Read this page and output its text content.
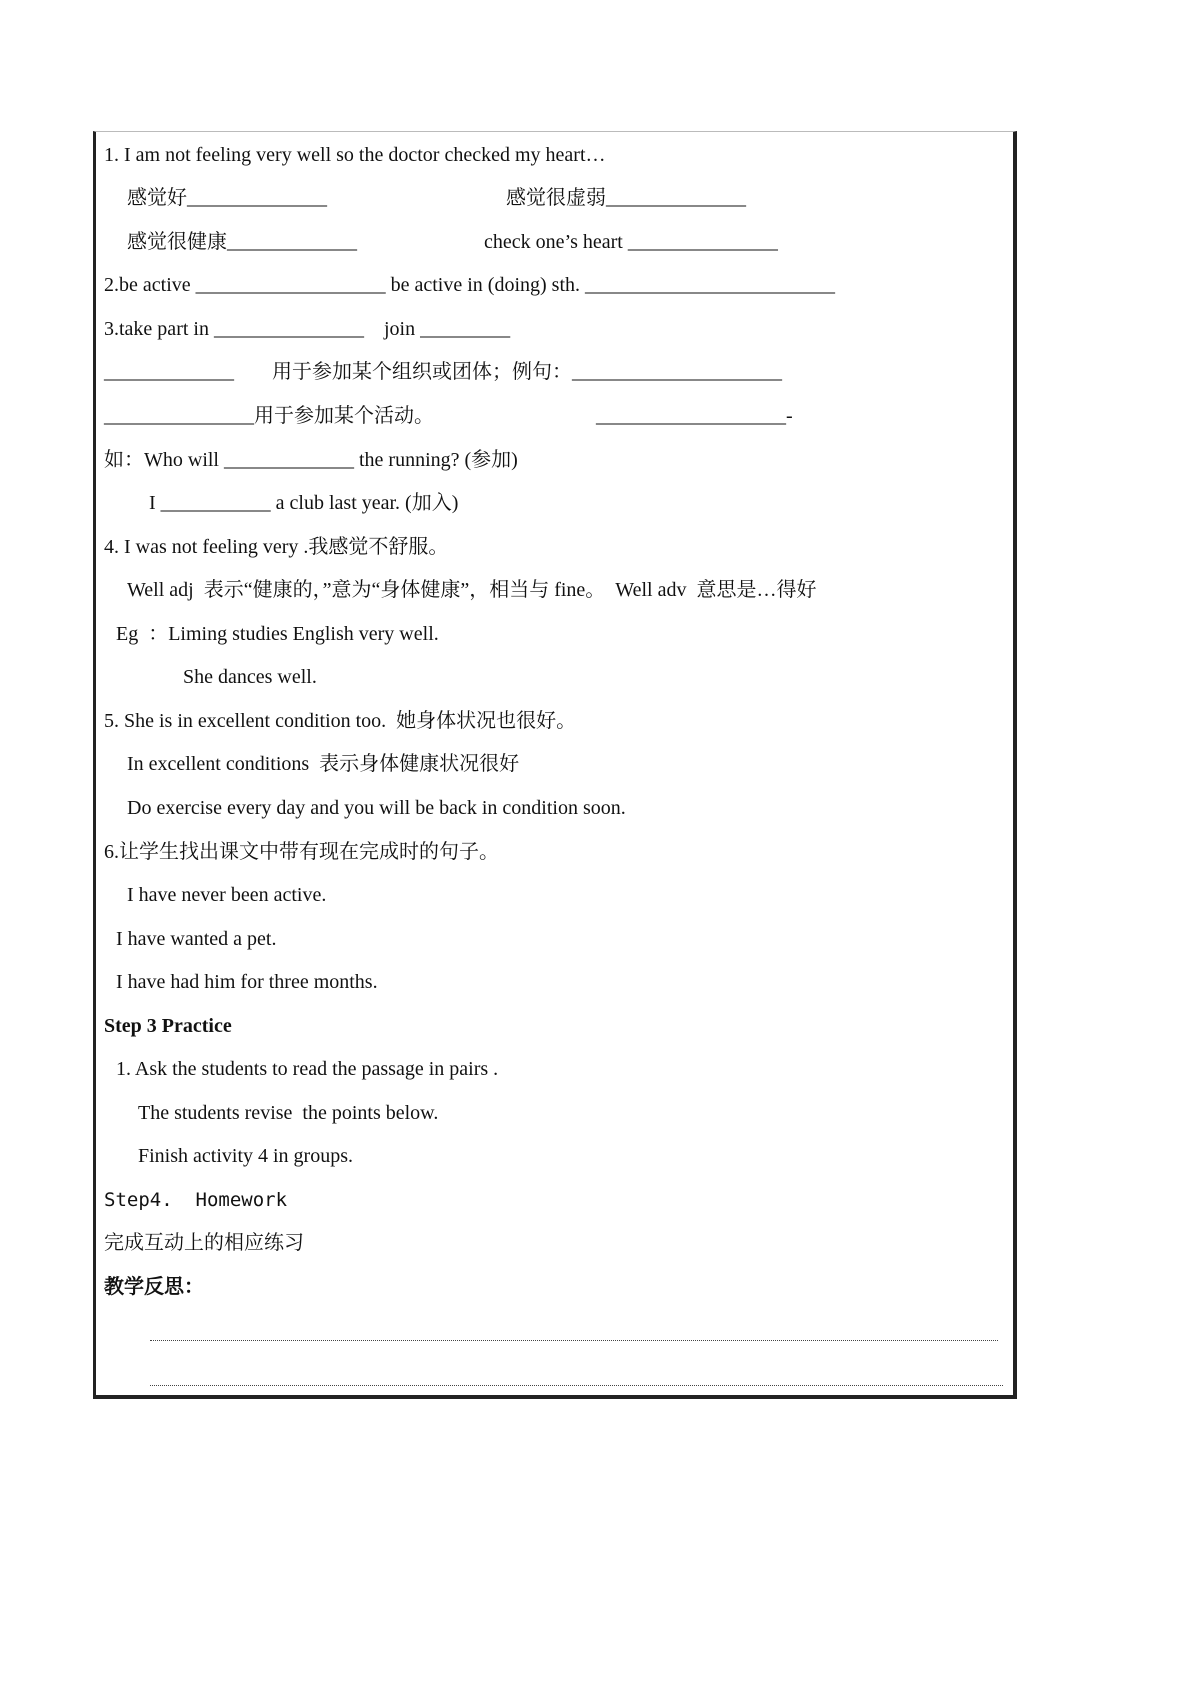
1. I am not feeling very well so the doctor checked my heart…
感觉好______________	感觉很虚弱______________
感觉很健康_____________	check one’s heart _______________
2.be active ___________________ be active in (doing) sth. _________________________
3.take part in _______________    join _________
_____________ 用于参加某个组织或团体；例句：_____________________
_______________用于参加某个活动。	___________________-
如：Who will _____________ the running? (参加)
I ___________ a club last year. (加入)
4. I was not feeling very .我感觉不舒服。
Well adj  表示“健康的，”意为“身体健康”，相当与 fine。  Well adv  意思是…得好
Eg  ：Liming studies English very well.
She dances well.
5. She is in excellent condition too.  她身体状况也很好。
In excellent conditions  表示身体健康状况很好
Do exercise every day and you will be back in condition soon.
6.让学生找出课文中带有现在完成时的句子。
I have never been active.
I have wanted a pet.
I have had him for three months.
Step 3 Practice
1. Ask the students to read the passage in pairs .
The students revise  the points below.
Finish activity 4 in groups.
Step4.  Homework
完成互动上的相应练习
教学反思：
